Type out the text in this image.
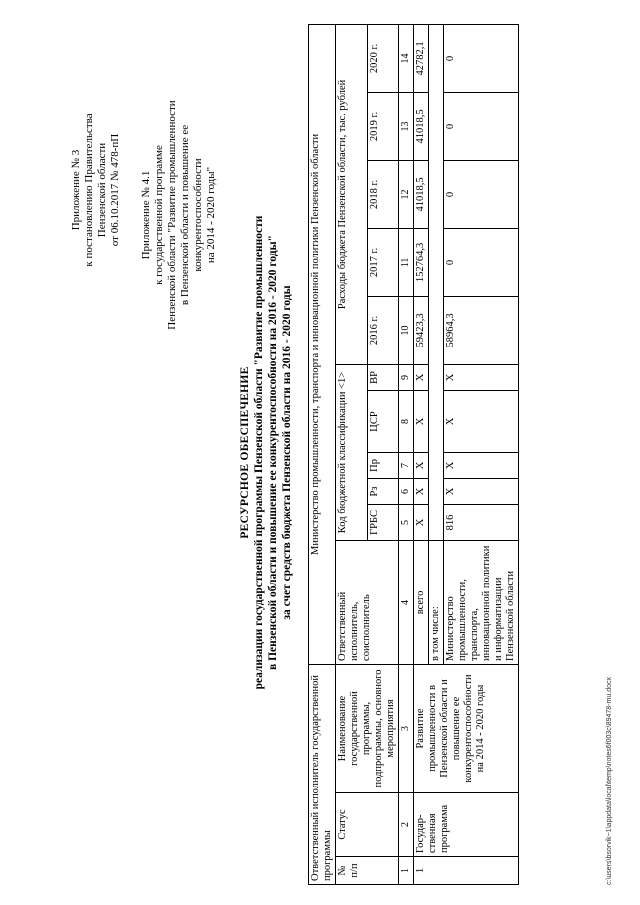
Приложение № 3 к постановлению Правительства Пензенской области от 06.10.2017 № 478-пП Приложение № 4.1 к государственной программе Пензенской области "Развитие промышленности в Пензенской области и повышение ее конкурентоспособности на 2014 - 2020 годы"
РЕСУРСНОЕ ОБЕСПЕЧЕНИЕ реализации государственной программы Пензенской области "Развитие промышленности в Пензенской области и повышение ее конкурентоспособности на 2016 - 2020 годы" за счет средств бюджета Пензенской области на 2016 - 2020 годы
Ответственный исполнитель государственной программы			Министерство промышленности, транспорта и инновационной политики Пензенской области										
№ п/п	Статус	Наименование государственной программы, подпрограммы, основного мероприятия	Ответственный исполнитель, соисполнитель	Код бюджетной классификации <1>					Расходы бюджета Пензенской области, тыс. рублей				
				ГРБС	Рз	Пр	ЦСР	ВР	2016 г.	2017 г.	2018 г.	2019 г.	2020 г.
1	2	3	4	5	6	7	8	9	10	11	12	13	14
1	Государ-ственная программа	Развитие промышленности в Пензенской области и повышение ее конкурентоспособности на 2014 - 2020 годы	всего	X	X	X	X	X	59423,3	152764,3	41018,5	41018,5	42782,1
			в том числе:										
			Министерство промышленности, транспорта, инновационной политики и информатизации Пензенской области	816	X	X	X	X	58964,3	0	0	0	0
c:\users\bsorvik~1\appdata\local\temp\notes6f003c\89478-mu.docx
